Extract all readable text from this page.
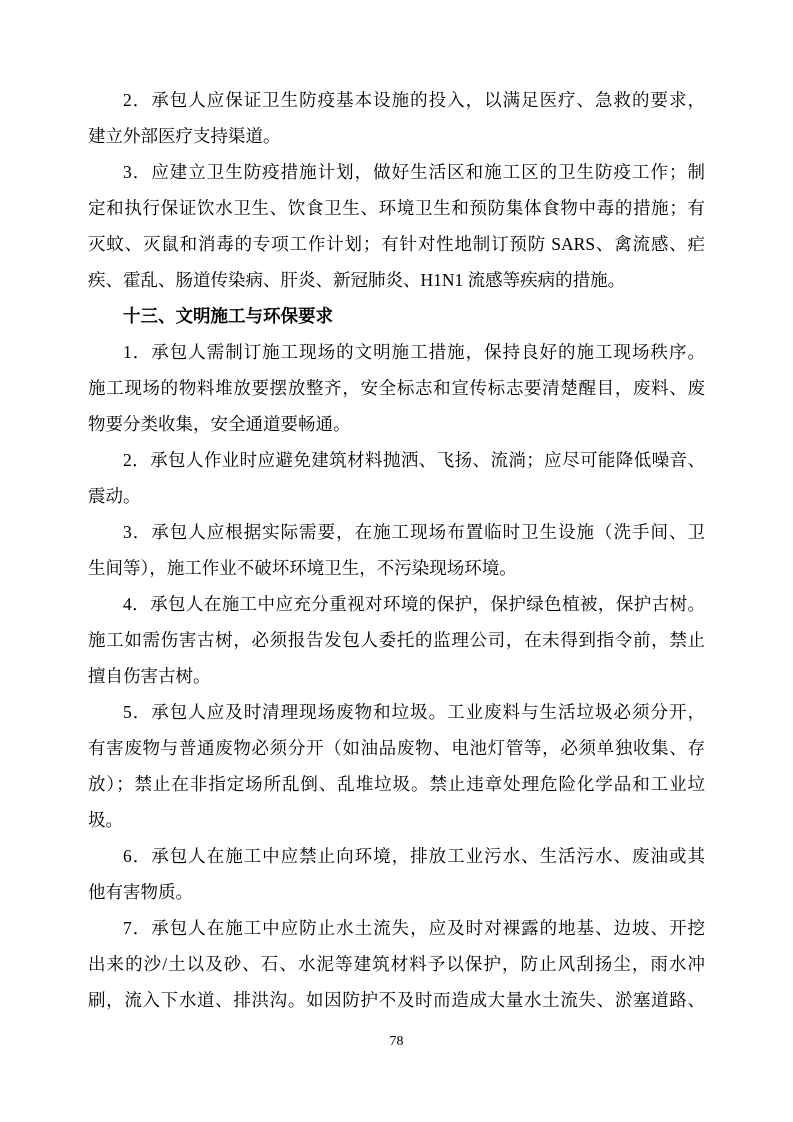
2．承包人应保证卫生防疫基本设施的投入，以满足医疗、急救的要求，
建立外部医疗支持渠道。
3．应建立卫生防疫措施计划，做好生活区和施工区的卫生防疫工作；制
定和执行保证饮水卫生、饮食卫生、环境卫生和预防集体食物中毒的措施；有
灭蚊、灭鼠和消毒的专项工作计划；有针对性地制订预防 SARS、禽流感、疟
疾、霍乱、肠道传染病、肝炎、新冠肺炎、H1N1 流感等疾病的措施。
十三、文明施工与环保要求
1．承包人需制订施工现场的文明施工措施，保持良好的施工现场秩序。
施工现场的物料堆放要摆放整齐，安全标志和宣传标志要清楚醒目，废料、废
物要分类收集，安全通道要畅通。
2．承包人作业时应避免建筑材料抛洒、飞扬、流淌；应尽可能降低噪音、
震动。
3．承包人应根据实际需要，在施工现场布置临时卫生设施（洗手间、卫
生间等），施工作业不破坏环境卫生，不污染现场环境。
4．承包人在施工中应充分重视对环境的保护，保护绿色植被，保护古树。
施工如需伤害古树，必须报告发包人委托的监理公司，在未得到指令前，禁止
擅自伤害古树。
5．承包人应及时清理现场废物和垃圾。工业废料与生活垃圾必须分开，
有害废物与普通废物必须分开（如油品废物、电池灯管等，必须单独收集、存
放）；禁止在非指定场所乱倒、乱堆垃圾。禁止违章处理危险化学品和工业垃
圾。
6．承包人在施工中应禁止向环境，排放工业污水、生活污水、废油或其
他有害物质。
7．承包人在施工中应防止水土流失，应及时对裸露的地基、边坡、开挖
出来的沙/土以及砂、石、水泥等建筑材料予以保护，防止风刮扬尘，雨水冲
刷，流入下水道、排洪沟。如因防护不及时而造成大量水土流失、淤塞道路、
78
